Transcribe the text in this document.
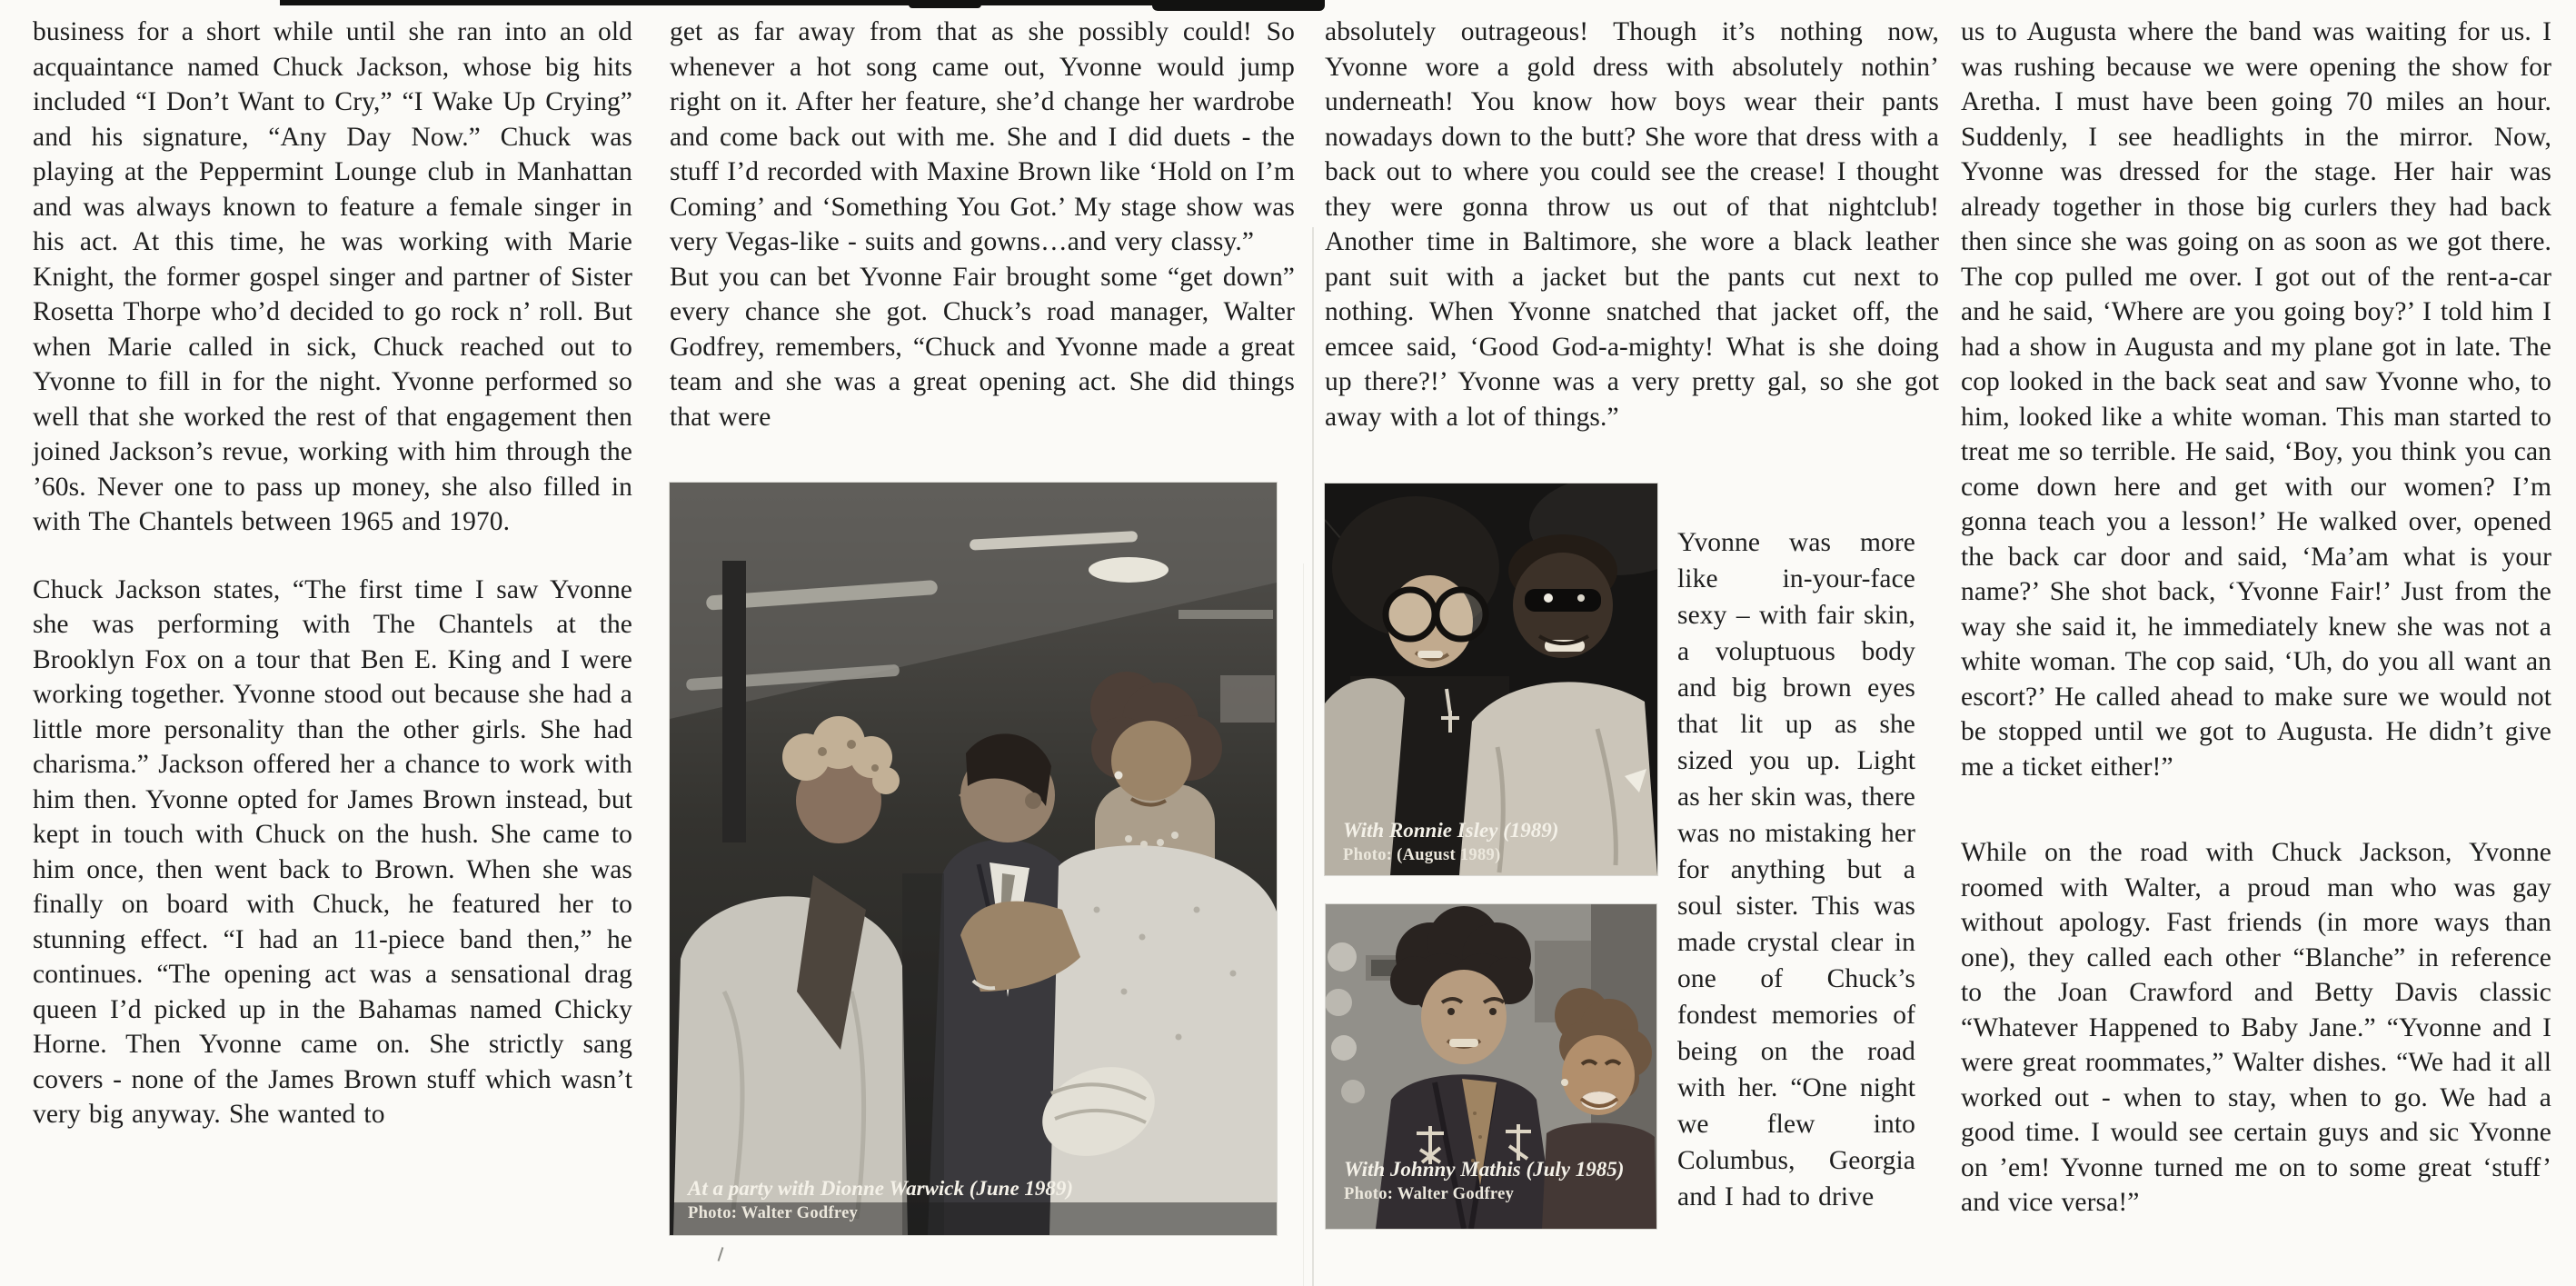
business for a short while until she ran into an old acquaintance named Chuck Jackson, whose big hits included “I Don’t Want to Cry,” “I Wake Up Crying” and his signature, “Any Day Now.” Chuck was playing at the Peppermint Lounge club in Manhattan and was always known to feature a female singer in his act. At this time, he was working with Marie Knight, the former gospel singer and partner of Sister Rosetta Thorpe who’d decided to go rock n’ roll. But when Marie called in sick, Chuck reached out to Yvonne to fill in for the night. Yvonne performed so well that she worked the rest of that engagement then joined Jackson’s revue, working with him through the ’60s. Never one to pass up money, she also filled in with The Chantels between 1965 and 1970.

Chuck Jackson states, “The first time I saw Yvonne she was performing with The Chantels at the Brooklyn Fox on a tour that Ben E. King and I were working together. Yvonne stood out because she had a little more personality than the other girls. She had charisma.” Jackson offered her a chance to work with him then. Yvonne opted for James Brown instead, but kept in touch with Chuck on the hush. She came to him once, then went back to Brown. When she was finally on board with Chuck, he featured her to stunning effect. “I had an 11-piece band then,” he continues. “The opening act was a sensational drag queen I’d picked up in the Bahamas named Chicky Horne. Then Yvonne came on. She strictly sang covers - none of the James Brown stuff which wasn’t very big anyway. She wanted to

get as far away from that as she possibly could! So whenever a hot song came out, Yvonne would jump right on it. After her feature, she’d change her wardrobe and come back out with me. She and I did duets - the stuff I’d recorded with Maxine Brown like ‘Hold on I’m Coming’ and ‘Something You Got.’ My stage show was very Vegas-like - suits and gowns…and very classy.”

But you can bet Yvonne Fair brought some “get down” every chance she got. Chuck’s road manager, Walter Godfrey, remembers, “Chuck and Yvonne made a great team and she was a great opening act. She did things that were

At a party with Dionne Warwick (June 1989)
Photo: Walter Godfrey

absolutely outrageous! Though it’s nothing now, Yvonne wore a gold dress with absolutely nothin’ underneath! You know how boys wear their pants nowadays down to the butt? She wore that dress with a back out to where you could see the crease! I thought they were gonna throw us out of that nightclub! Another time in Baltimore, she wore a black leather pant suit with a jacket but the pants cut next to nothing. When Yvonne snatched that jacket off, the emcee said, ‘Good God-a-mighty! What is she doing up there?!’ Yvonne was a very pretty gal, so she got away with a lot of things.”

With Ronnie Isley (1989)
Photo: (August 1989)
With Johnny Mathis (July 1985)
Photo: Walter Godfrey

Yvonne was more like in-your-face sexy – with fair skin, a voluptuous body and big brown eyes that lit up as she sized you up. Light as her skin was, there was no mistaking her for anything but a soul sister. This was made crystal clear in one of Chuck’s fondest memories of being on the road with her. “One night we flew into Columbus, Georgia and I had to drive

us to Augusta where the band was waiting for us. I was rushing because we were opening the show for Aretha. I must have been going 70 miles an hour. Suddenly, I see headlights in the mirror. Now, Yvonne was dressed for the stage. Her hair was already together in those big curlers they had back then since she was going on as soon as we got there. The cop pulled me over. I got out of the rent-a-car and he said, ‘Where are you going boy?’ I told him I had a show in Augusta and my plane got in late. The cop looked in the back seat and saw Yvonne who, to him, looked like a white woman. This man started to treat me so terrible. He said, ‘Boy, you think you can come down here and get with our women? I’m gonna teach you a lesson!’ He walked over, opened the back car door and said, ‘Ma’am what is your name?’ She shot back, ‘Yvonne Fair!’ Just from the way she said it, he immediately knew she was not a white woman. The cop said, ‘Uh, do you all want an escort?’ He called ahead to make sure we would not be stopped until we got to Augusta. He didn’t give me a ticket either!”

While on the road with Chuck Jackson, Yvonne roomed with Walter, a proud man who was gay without apology. Fast friends (in more ways than one), they called each other “Blanche” in reference to the Joan Crawford and Betty Davis classic “Whatever Happened to Baby Jane.” “Yvonne and I were great roommates,” Walter dishes. “We had it all worked out - when to stay, when to go. We had a good time. I would see certain guys and sic Yvonne on ’em! Yvonne turned me on to some great ‘stuff’ and vice versa!”
